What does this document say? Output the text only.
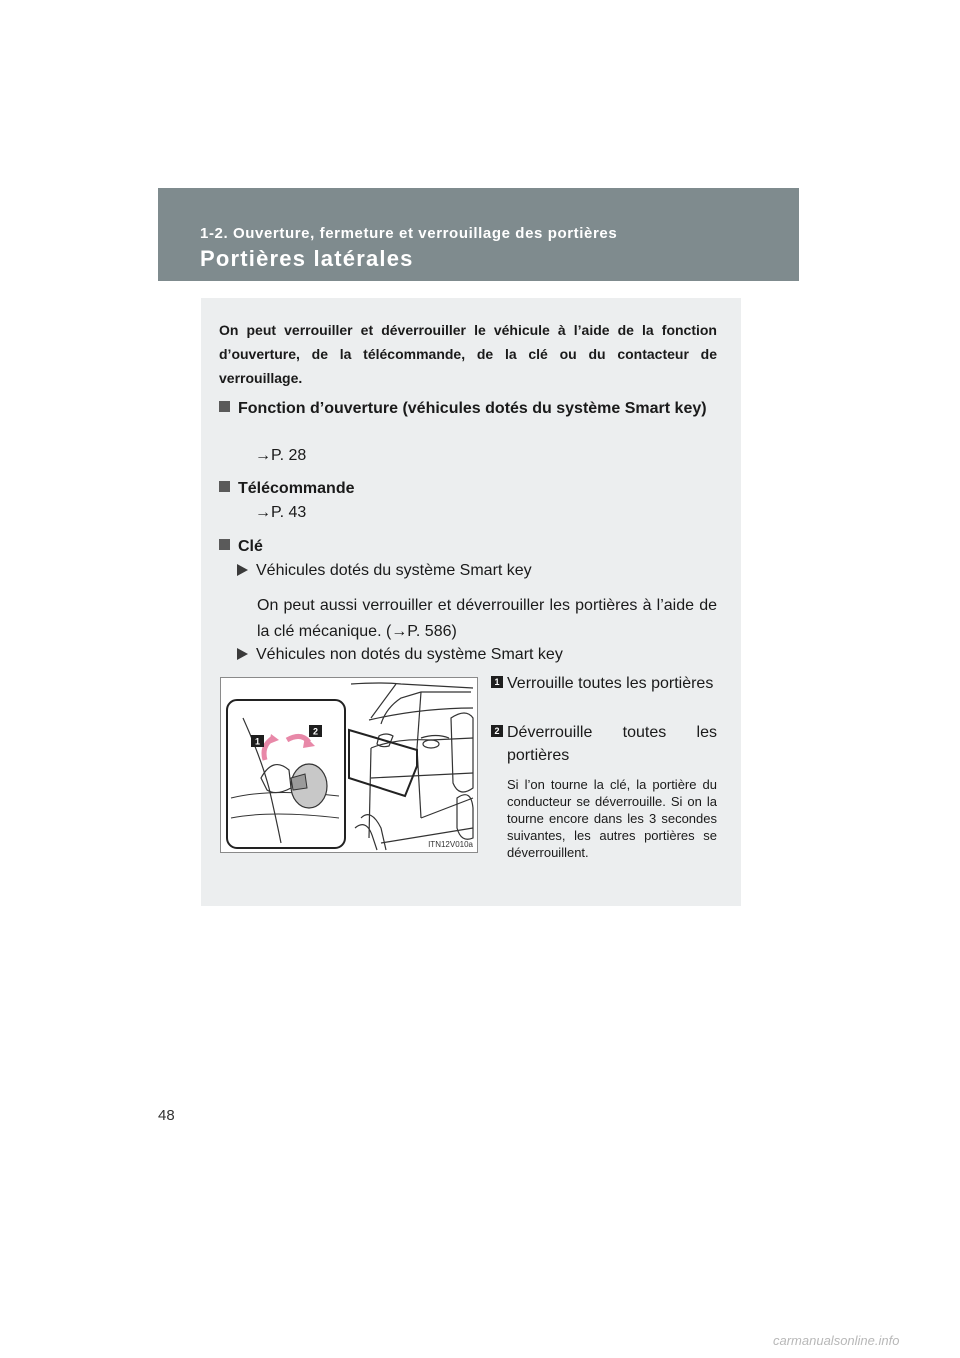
1-2. Ouverture, fermeture et verrouillage des portières
Portières latérales
On peut verrouiller et déverrouiller le véhicule à l’aide de la fonction d’ouverture, de la télécommande, de la clé ou du contacteur de verrouillage.
Fonction d’ouverture (véhicules dotés du système Smart key)
→P. 28
Télécommande
→P. 43
Clé
Véhicules dotés du système Smart key
On peut aussi verrouiller et déverrouiller les portières à l’aide de la clé mécanique. (→P. 586)
Véhicules non dotés du système Smart key
1
2
ITN12V010a
1 Verrouille toutes les portières
2 Déverrouille toutes les portières
Si l’on tourne la clé, la portière du conducteur se déverrouille. Si on la tourne encore dans les 3 secondes suivantes, les autres portières se déverrouillent.
48
carmanualsonline.info
